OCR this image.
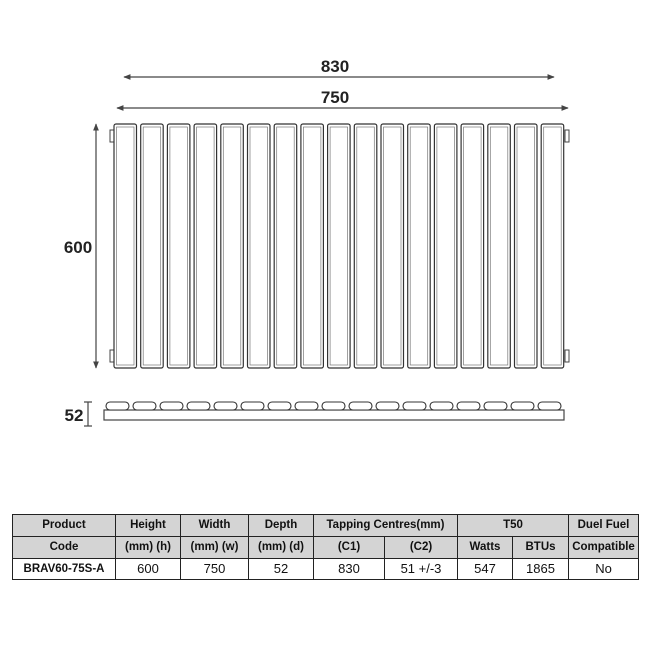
830
750
600
52
Product	Height	Width	Depth	Tapping Centres(mm)		T50		Duel Fuel
Code	(mm) (h)	(mm) (w)	(mm) (d)	(C1)	(C2)	Watts	BTUs	Compatible
BRAV60-75S-A	600	750	52	830	51 +/-3	547	1865	No
